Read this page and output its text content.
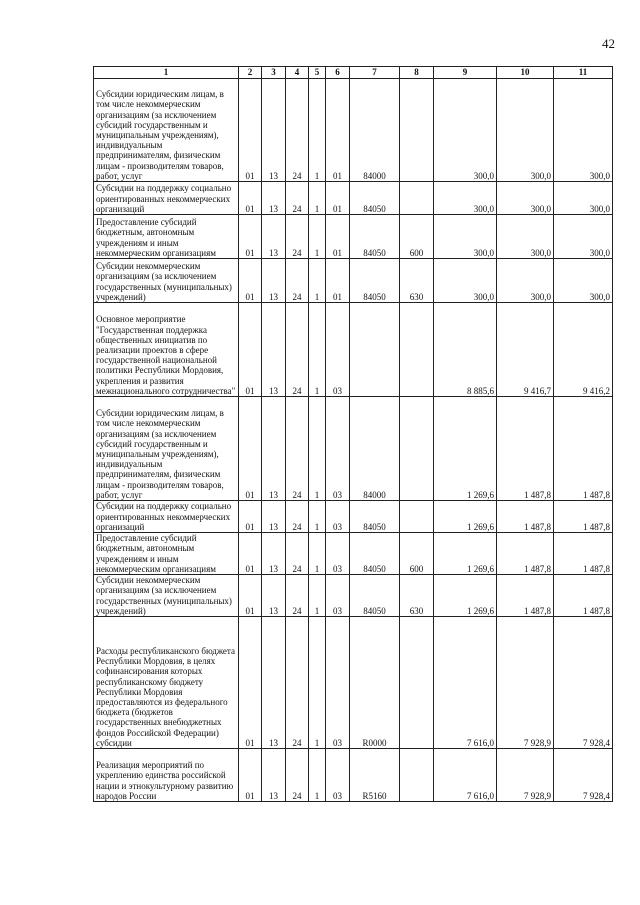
42
1	2	3	4	5	6	7	8	9	10	11
Субсидии юридическим лицам, в том числе некоммерческим организациям (за исключением субсидий государственным и муниципальным учреждениям), индивидуальным предпринимателям, физическим лицам - производителям товаров, работ, услуг	01	13	24	1	01	84000		300,0	300,0	300,0
Субсидии на поддержку социально ориентированных некоммерческих организаций	01	13	24	1	01	84050		300,0	300,0	300,0
Предоставление субсидий бюджетным, автономным учреждениям и иным некоммерческим организациям	01	13	24	1	01	84050	600	300,0	300,0	300,0
Субсидии некоммерческим организациям (за исключением государственных (муниципальных) учреждений)	01	13	24	1	01	84050	630	300,0	300,0	300,0
Основное мероприятие "Государственная поддержка общественных инициатив по реализации проектов в сфере государственной национальной политики Республики Мордовия, укрепления и развития межнационального сотрудничества"	01	13	24	1	03			8 885,6	9 416,7	9 416,2
Субсидии юридическим лицам, в том числе некоммерческим организациям (за исключением субсидий государственным и муниципальным учреждениям), индивидуальным предпринимателям, физическим лицам - производителям товаров, работ, услуг	01	13	24	1	03	84000		1 269,6	1 487,8	1 487,8
Субсидии на поддержку социально ориентированных некоммерческих организаций	01	13	24	1	03	84050		1 269,6	1 487,8	1 487,8
Предоставление субсидий бюджетным, автономным учреждениям и иным некоммерческим организациям	01	13	24	1	03	84050	600	1 269,6	1 487,8	1 487,8
Субсидии некоммерческим организациям (за исключением государственных (муниципальных) учреждений)	01	13	24	1	03	84050	630	1 269,6	1 487,8	1 487,8
Расходы республиканского бюджета Республики Мордовия, в целях софинансирования которых республиканскому бюджету Республики Мордовия предоставляются из федерального бюджета (бюджетов государственных внебюджетных фондов Российской Федерации) субсидии	01	13	24	1	03	R0000		7 616,0	7 928,9	7 928,4
Реализация мероприятий по укреплению единства российской нации и этнокультурному развитию народов России	01	13	24	1	03	R5160		7 616,0	7 928,9	7 928,4
